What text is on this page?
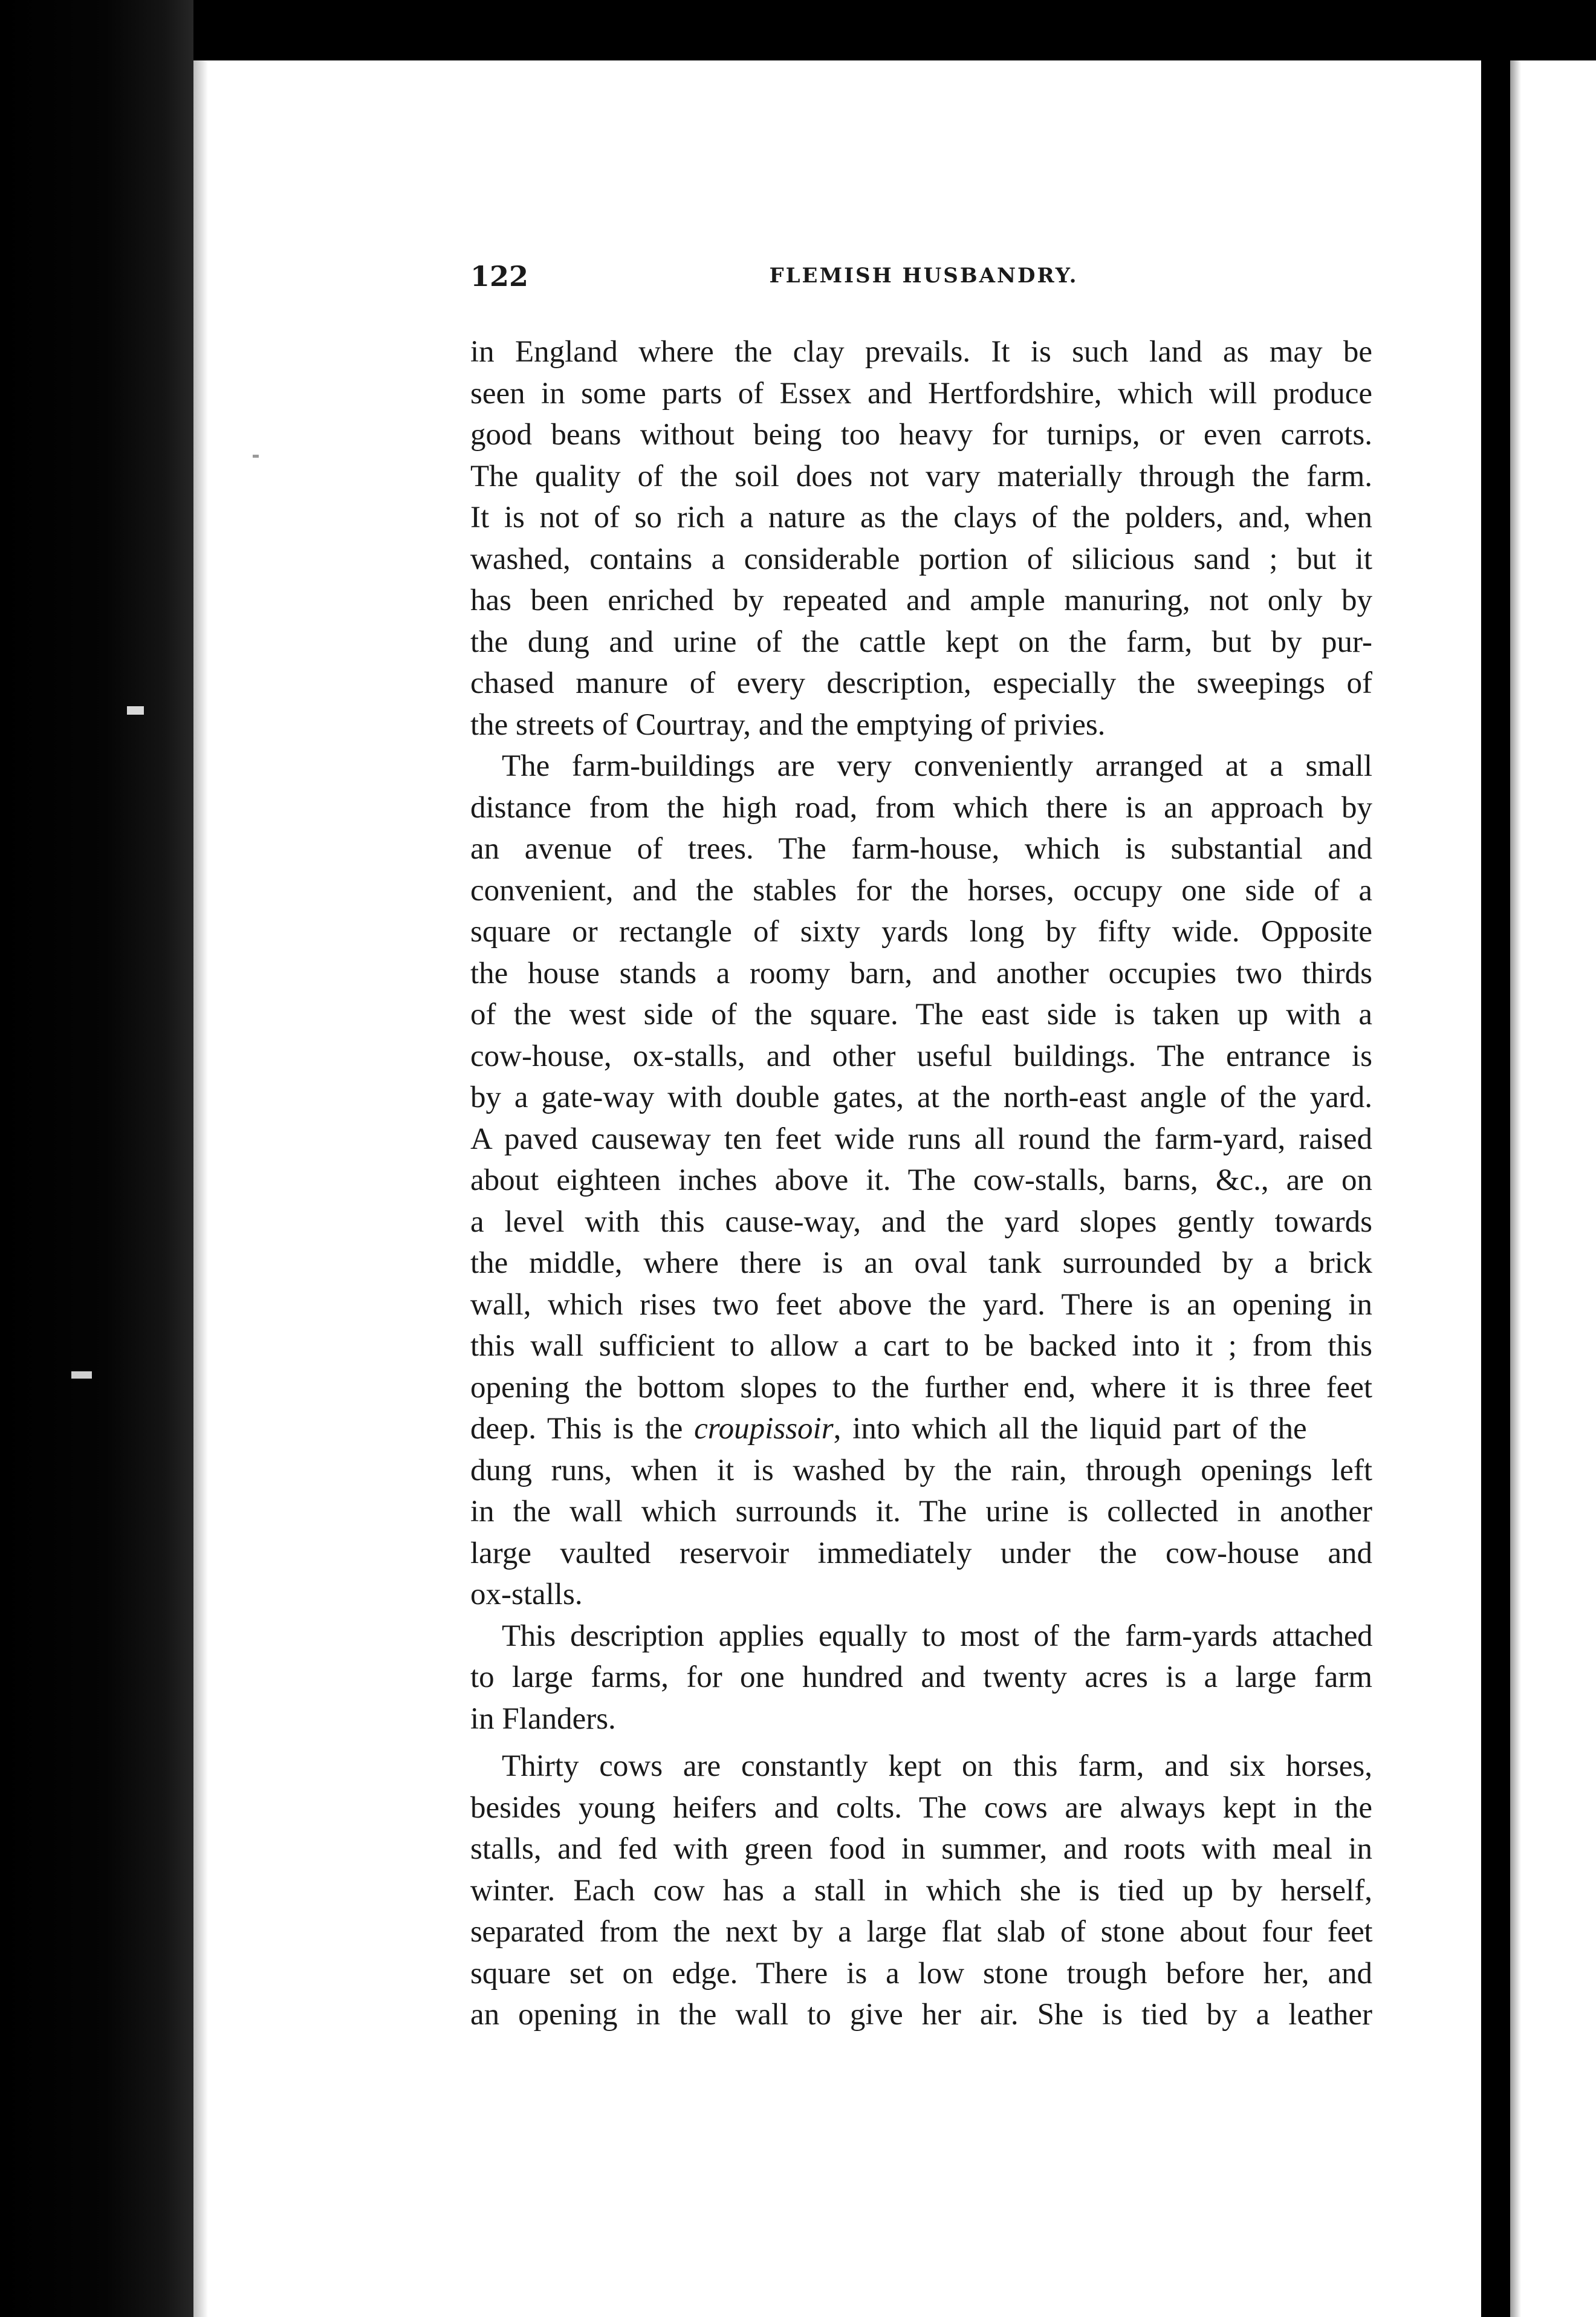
122	FLEMISH HUSBANDRY.
in England where the clay prevails. It is such land as may be
seen in some parts of Essex and Hertfordshire, which will produce
good beans without being too heavy for turnips, or even carrots.
The quality of the soil does not vary materially through the farm.
It is not of so rich a nature as the clays of the polders, and, when
washed, contains a considerable portion of silicious sand ; but it
has been enriched by repeated and ample manuring, not only by
the dung and urine of the cattle kept on the farm, but by pur-
chased manure of every description, especially the sweepings of
the streets of Courtray, and the emptying of privies.
The farm-buildings are very conveniently arranged at a small
distance from the high road, from which there is an approach by
an avenue of trees. The farm-house, which is substantial and
convenient, and the stables for the horses, occupy one side of a
square or rectangle of sixty yards long by fifty wide. Opposite
the house stands a roomy barn, and another occupies two thirds
of the west side of the square. The east side is taken up with a
cow-house, ox-stalls, and other useful buildings. The entrance is
by a gate-way with double gates, at the north-east angle of the yard.
A paved causeway ten feet wide runs all round the farm-yard, raised
about eighteen inches above it. The cow-stalls, barns, &c., are on
a level with this cause-way, and the yard slopes gently towards
the middle, where there is an oval tank surrounded by a brick
wall, which rises two feet above the yard. There is an opening in
this wall sufficient to allow a cart to be backed into it ; from this
opening the bottom slopes to the further end, where it is three feet
deep. This is the croupissoir, into which all the liquid part of the
dung runs, when it is washed by the rain, through openings left
in the wall which surrounds it. The urine is collected in another
large vaulted reservoir immediately under the cow-house and
ox-stalls.
This description applies equally to most of the farm-yards attached
to large farms, for one hundred and twenty acres is a large farm
in Flanders.
Thirty cows are constantly kept on this farm, and six horses,
besides young heifers and colts. The cows are always kept in the
stalls, and fed with green food in summer, and roots with meal in
winter. Each cow has a stall in which she is tied up by herself,
separated from the next by a large flat slab of stone about four feet
square set on edge. There is a low stone trough before her, and
an opening in the wall to give her air. She is tied by a leather
